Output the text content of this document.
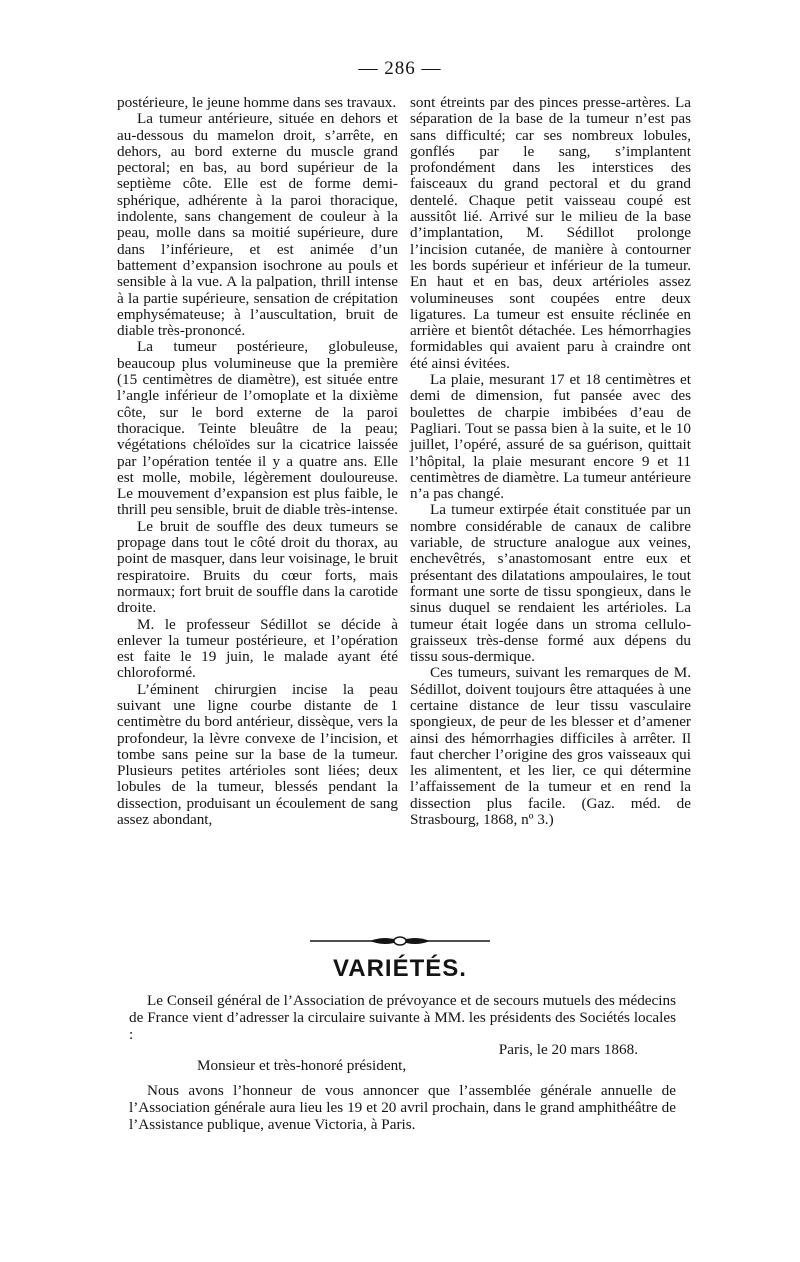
— 286 —

postérieure, le jeune homme dans ses travaux.

La tumeur antérieure, située en dehors et au-dessous du mamelon droit, s’arrête, en dehors, au bord externe du muscle grand pectoral; en bas, au bord supérieur de la septième côte. Elle est de forme demi-sphérique, adhérente à la paroi thoracique, indolente, sans changement de couleur à la peau, molle dans sa moitié supérieure, dure dans l’inférieure, et est animée d’un battement d’expansion isochrone au pouls et sensible à la vue. A la palpation, thrill intense à la partie supérieure, sensation de crépitation emphysémateuse; à l’auscultation, bruit de diable très-prononcé.

La tumeur postérieure, globuleuse, beaucoup plus volumineuse que la première (15 centimètres de diamètre), est située entre l’angle inférieur de l’omoplate et la dixième côte, sur le bord externe de la paroi thoracique. Teinte bleuâtre de la peau; végétations chéloïdes sur la cicatrice laissée par l’opération tentée il y a quatre ans. Elle est molle, mobile, légèrement douloureuse. Le mouvement d’expansion est plus faible, le thrill peu sensible, bruit de diable très-intense.

Le bruit de souffle des deux tumeurs se propage dans tout le côté droit du thorax, au point de masquer, dans leur voisinage, le bruit respiratoire. Bruits du cœur forts, mais normaux; fort bruit de souffle dans la carotide droite.

M. le professeur Sédillot se décide à enlever la tumeur postérieure, et l’opération est faite le 19 juin, le malade ayant été chloroformé.

L’éminent chirurgien incise la peau suivant une ligne courbe distante de 1 centimètre du bord antérieur, dissèque, vers la profondeur, la lèvre convexe de l’incision, et tombe sans peine sur la base de la tumeur. Plusieurs petites artérioles sont liées; deux lobules de la tumeur, blessés pendant la dissection, produisant un écoulement de sang assez abondant,

sont étreints par des pinces presse-artères. La séparation de la base de la tumeur n’est pas sans difficulté; car ses nombreux lobules, gonflés par le sang, s’implantent profondément dans les interstices des faisceaux du grand pectoral et du grand dentelé. Chaque petit vaisseau coupé est aussitôt lié. Arrivé sur le milieu de la base d’implantation, M. Sédillot prolonge l’incision cutanée, de manière à contourner les bords supérieur et inférieur de la tumeur. En haut et en bas, deux artérioles assez volumineuses sont coupées entre deux ligatures. La tumeur est ensuite réclinée en arrière et bientôt détachée. Les hémorrhagies formidables qui avaient paru à craindre ont été ainsi évitées.

La plaie, mesurant 17 et 18 centimètres et demi de dimension, fut pansée avec des boulettes de charpie imbibées d’eau de Pagliari. Tout se passa bien à la suite, et le 10 juillet, l’opéré, assuré de sa guérison, quittait l’hôpital, la plaie mesurant encore 9 et 11 centimètres de diamètre. La tumeur antérieure n’a pas changé.

La tumeur extirpée était constituée par un nombre considérable de canaux de calibre variable, de structure analogue aux veines, enchevêtrés, s’anastomosant entre eux et présentant des dilatations ampoulaires, le tout formant une sorte de tissu spongieux, dans le sinus duquel se rendaient les artérioles. La tumeur était logée dans un stroma cellulo-graisseux très-dense formé aux dépens du tissu sous-dermique.

Ces tumeurs, suivant les remarques de M. Sédillot, doivent toujours être attaquées à une certaine distance de leur tissu vasculaire spongieux, de peur de les blesser et d’amener ainsi des hémorrhagies difficiles à arrêter. Il faut chercher l’origine des gros vaisseaux qui les alimentent, et les lier, ce qui détermine l’affaissement de la tumeur et en rend la dissection plus facile. (Gaz. méd. de Strasbourg, 1868, nº 3.)

VARIÉTÉS.
Le Conseil général de l’Association de prévoyance et de secours mutuels des médecins de France vient d’adresser la circulaire suivante à MM. les présidents des Sociétés locales :
Paris, le 20 mars 1868.
Monsieur et très-honoré président,
Nous avons l’honneur de vous annoncer que l’assemblée générale annuelle de l’Association générale aura lieu les 19 et 20 avril prochain, dans le grand amphithéâtre de l’Assistance publique, avenue Victoria, à Paris.
